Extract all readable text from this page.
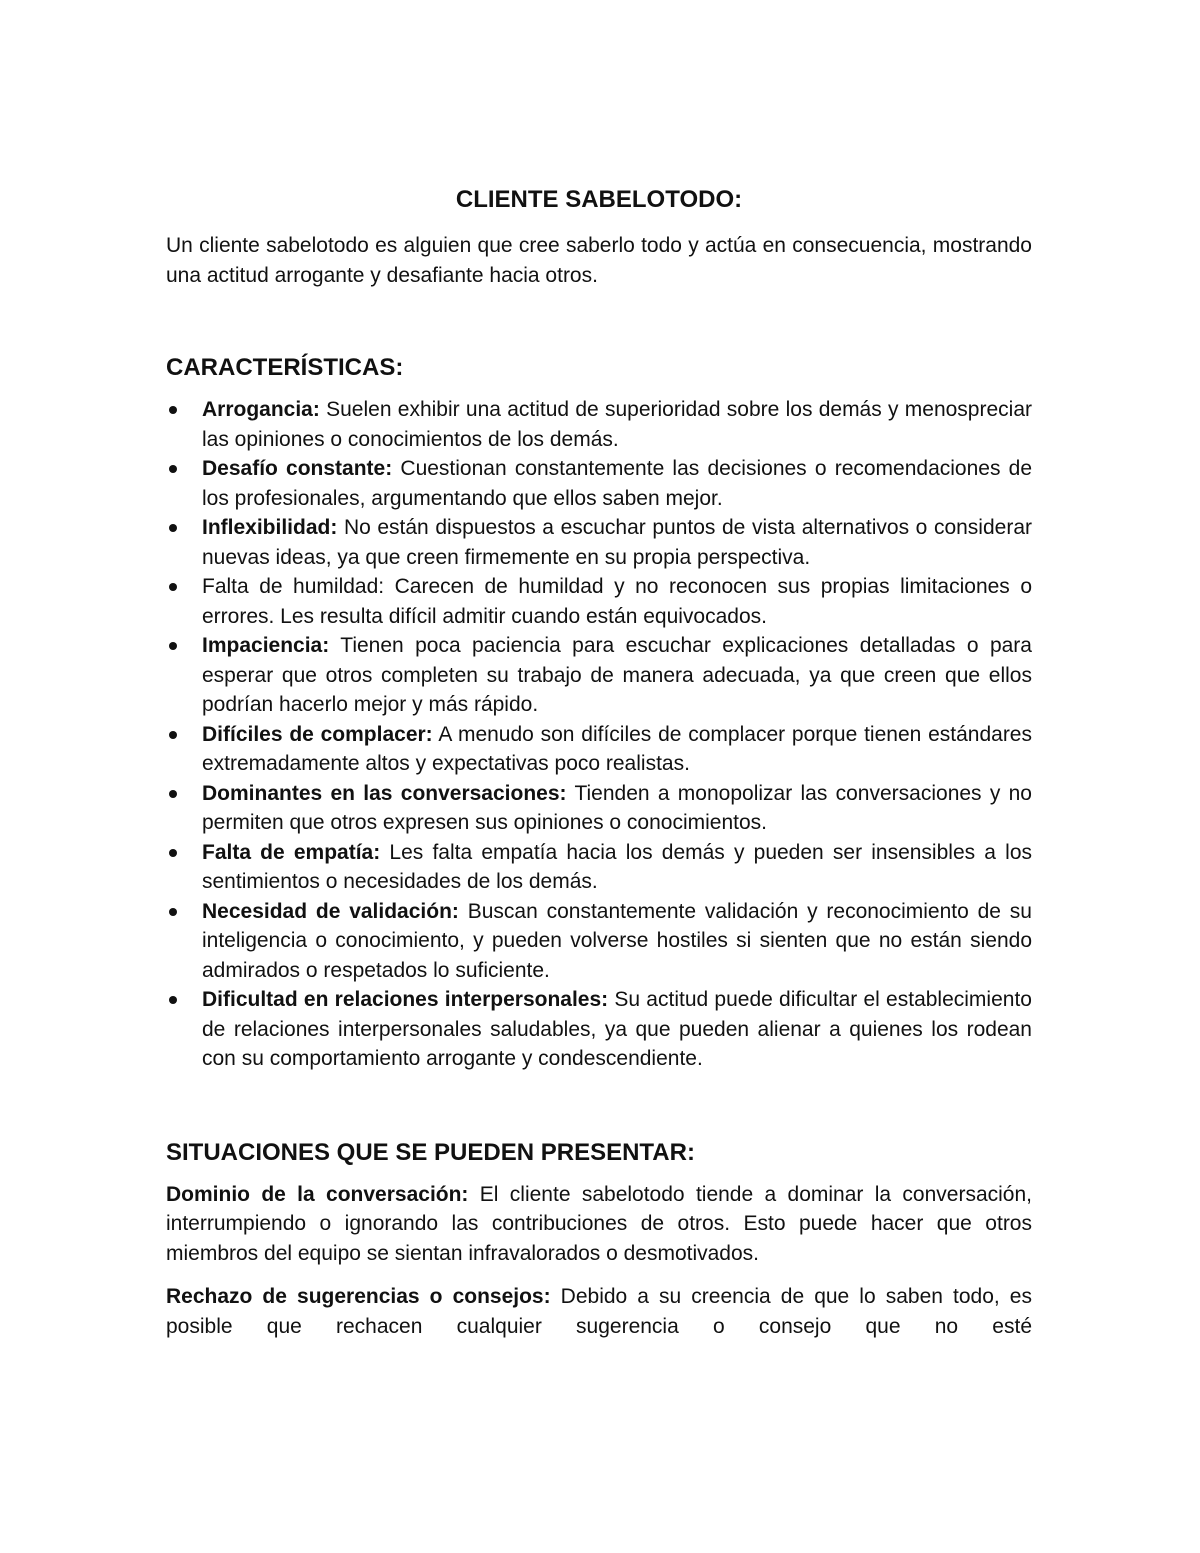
CLIENTE SABELOTODO:

Un cliente sabelotodo es alguien que cree saberlo todo y actúa en consecuencia, mostrando una actitud arrogante y desafiante hacia otros.

CARACTERÍSTICAS:
Arrogancia: Suelen exhibir una actitud de superioridad sobre los demás y menospreciar las opiniones o conocimientos de los demás.
Desafío constante: Cuestionan constantemente las decisiones o recomendaciones de los profesionales, argumentando que ellos saben mejor.
Inflexibilidad: No están dispuestos a escuchar puntos de vista alternativos o considerar nuevas ideas, ya que creen firmemente en su propia perspectiva.
Falta de humildad: Carecen de humildad y no reconocen sus propias limitaciones o errores. Les resulta difícil admitir cuando están equivocados.
Impaciencia: Tienen poca paciencia para escuchar explicaciones detalladas o para esperar que otros completen su trabajo de manera adecuada, ya que creen que ellos podrían hacerlo mejor y más rápido.
Difíciles de complacer: A menudo son difíciles de complacer porque tienen estándares extremadamente altos y expectativas poco realistas.
Dominantes en las conversaciones: Tienden a monopolizar las conversaciones y no permiten que otros expresen sus opiniones o conocimientos.
Falta de empatía: Les falta empatía hacia los demás y pueden ser insensibles a los sentimientos o necesidades de los demás.
Necesidad de validación: Buscan constantemente validación y reconocimiento de su inteligencia o conocimiento, y pueden volverse hostiles si sienten que no están siendo admirados o respetados lo suficiente.
Dificultad en relaciones interpersonales: Su actitud puede dificultar el establecimiento de relaciones interpersonales saludables, ya que pueden alienar a quienes los rodean con su comportamiento arrogante y condescendiente.
SITUACIONES QUE SE PUEDEN PRESENTAR:

Dominio de la conversación: El cliente sabelotodo tiende a dominar la conversación, interrumpiendo o ignorando las contribuciones de otros. Esto puede hacer que otros miembros del equipo se sientan infravalorados o desmotivados.

Rechazo de sugerencias o consejos: Debido a su creencia de que lo saben todo, es posible que rechacen cualquier sugerencia o consejo que no esté
